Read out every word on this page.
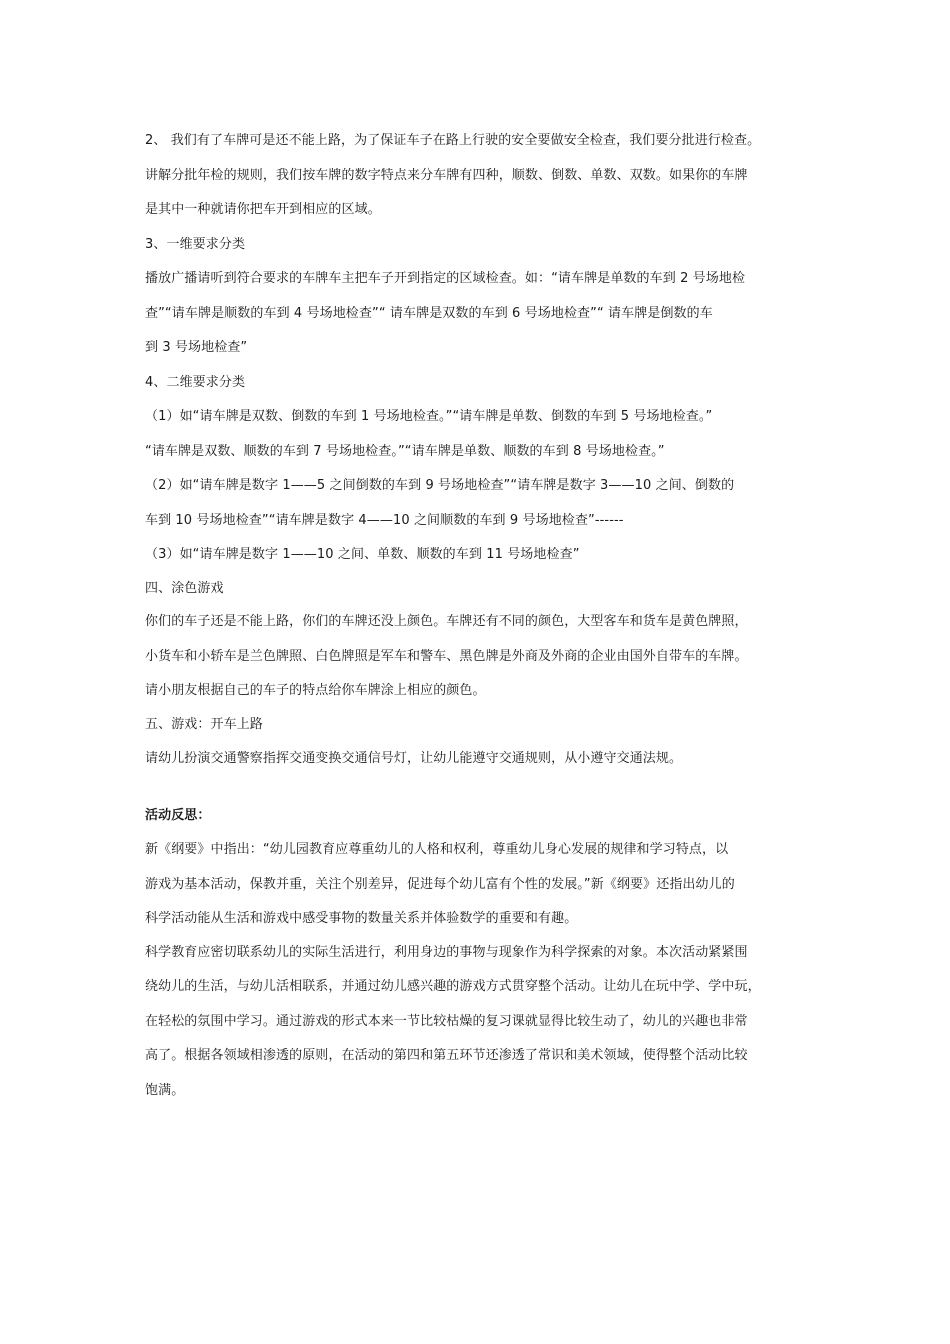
2、 我们有了车牌可是还不能上路，为了保证车子在路上行驶的安全要做安全检查，我们要分批进行检查。
讲解分批年检的规则，我们按车牌的数字特点来分车牌有四种，顺数、倒数、单数、双数。如果你的车牌
是其中一种就请你把车开到相应的区域。
3、一维要求分类
播放广播请听到符合要求的车牌车主把车子开到指定的区域检查。如：“请车牌是单数的车到 2 号场地检
查”“请车牌是顺数的车到 4 号场地检查”“ 请车牌是双数的车到 6 号场地检查”“ 请车牌是倒数的车
到 3 号场地检查”
4、二维要求分类
（1）如“请车牌是双数、倒数的车到 1 号场地检查。”“请车牌是单数、倒数的车到 5 号场地检查。”
“请车牌是双数、顺数的车到 7 号场地检查。”“请车牌是单数、顺数的车到 8 号场地检查。”
（2）如“请车牌是数字 1——5 之间倒数的车到 9 号场地检查”“请车牌是数字 3——10 之间、倒数的
车到 10 号场地检查”“请车牌是数字 4——10 之间顺数的车到 9 号场地检查”------
（3）如“请车牌是数字 1——10 之间、单数、顺数的车到 11 号场地检查”
四、涂色游戏
你们的车子还是不能上路，你们的车牌还没上颜色。车牌还有不同的颜色，大型客车和货车是黄色牌照，
小货车和小轿车是兰色牌照、白色牌照是军车和警车、黑色牌是外商及外商的企业由国外自带车的车牌。
请小朋友根据自己的车子的特点给你车牌涂上相应的颜色。
五、游戏：开车上路
请幼儿扮演交通警察指挥交通变换交通信号灯，让幼儿能遵守交通规则，从小遵守交通法规。
活动反思：
新《纲要》中指出：“幼儿园教育应尊重幼儿的人格和权利，尊重幼儿身心发展的规律和学习特点，以
游戏为基本活动，保教并重，关注个别差异，促进每个幼儿富有个性的发展。”新《纲要》还指出幼儿的
科学活动能从生活和游戏中感受事物的数量关系并体验数学的重要和有趣。
科学教育应密切联系幼儿的实际生活进行，利用身边的事物与现象作为科学探索的对象。本次活动紧紧围
绕幼儿的生活，与幼儿活相联系，并通过幼儿感兴趣的游戏方式贯穿整个活动。让幼儿在玩中学、学中玩，
在轻松的氛围中学习。通过游戏的形式本来一节比较枯燥的复习课就显得比较生动了，幼儿的兴趣也非常
高了。根据各领域相渗透的原则，在活动的第四和第五环节还渗透了常识和美术领域，使得整个活动比较
饱满。
